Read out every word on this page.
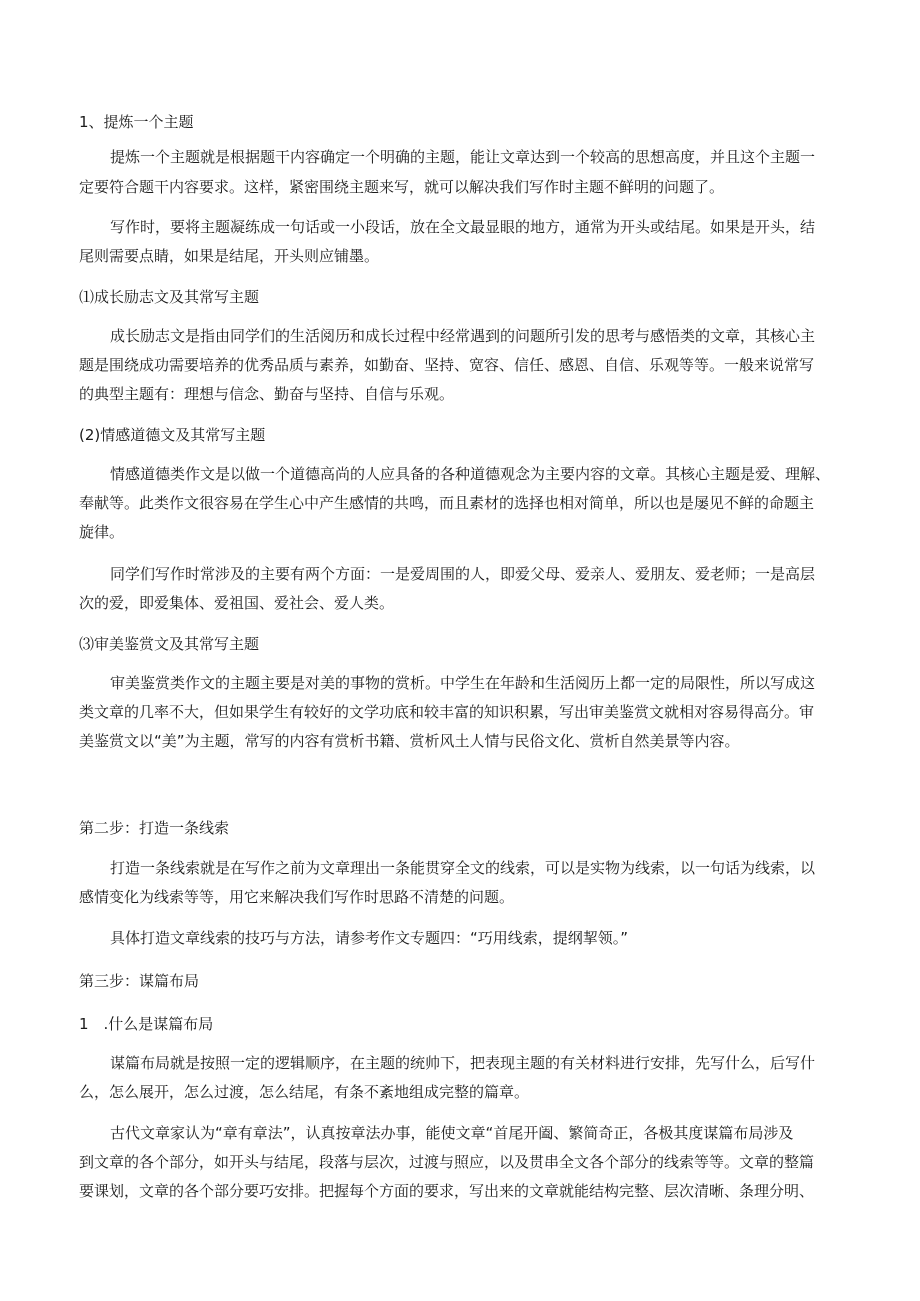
1、提炼一个主题

提炼一个主题就是根据题干内容确定一个明确的主题，能让文章达到一个较高的思想高度，并且这个主题一

定要符合题干内容要求。这样，紧密围绕主题来写，就可以解决我们写作时主题不鲜明的问题了。

写作时，要将主题凝练成一句话或一小段话，放在全文最显眼的地方，通常为开头或结尾。如果是开头，结

尾则需要点睛，如果是结尾，开头则应铺墨。

⑴成长励志文及其常写主题

成长励志文是指由同学们的生活阅历和成长过程中经常遇到的问题所引发的思考与感悟类的文章，其核心主

题是围绕成功需要培养的优秀品质与素养，如勤奋、坚持、宽容、信任、感恩、自信、乐观等等。一般来说常写

的典型主题有：理想与信念、勤奋与坚持、自信与乐观。

(2)情感道德文及其常写主题

情感道德类作文是以做一个道德高尚的人应具备的各种道德观念为主要内容的文章。其核心主题是爱、理解、

奉献等。此类作文很容易在学生心中产生感情的共鸣，而且素材的选择也相对简单，所以也是屡见不鲜的命题主

旋律。

同学们写作时常涉及的主要有两个方面：一是爱周围的人，即爱父母、爱亲人、爱朋友、爱老师；一是高层

次的爱，即爱集体、爱祖国、爱社会、爱人类。

⑶审美鉴赏文及其常写主题

审美鉴赏类作文的主题主要是对美的事物的赏析。中学生在年龄和生活阅历上都一定的局限性，所以写成这

类文章的几率不大，但如果学生有较好的文学功底和较丰富的知识积累，写出审美鉴赏文就相对容易得高分。审

美鉴赏文以“美”为主题，常写的内容有赏析书籍、赏析风土人情与民俗文化、赏析自然美景等内容。

第二步：打造一条线索

打造一条线索就是在写作之前为文章理出一条能贯穿全文的线索，可以是实物为线索，以一句话为线索，以

感情变化为线索等等，用它来解决我们写作时思路不清楚的问题。

具体打造文章线索的技巧与方法，请参考作文专题四：“巧用线索，提纲挈领。”

第三步：谋篇布局

1　.什么是谋篇布局

谋篇布局就是按照一定的逻辑顺序，在主题的统帅下，把表现主题的有关材料进行安排，先写什么，后写什

么，怎么展开，怎么过渡，怎么结尾，有条不紊地组成完整的篇章。

古代文章家认为“章有章法”，认真按章法办事，能使文章“首尾开阖、繁简奇正，各极其度谋篇布局涉及

到文章的各个部分，如开头与结尾，段落与层次，过渡与照应，以及贯串全文各个部分的线索等等。文章的整篇

要课划，文章的各个部分要巧安排。把握每个方面的要求，写出来的文章就能结构完整、层次清晰、条理分明、
